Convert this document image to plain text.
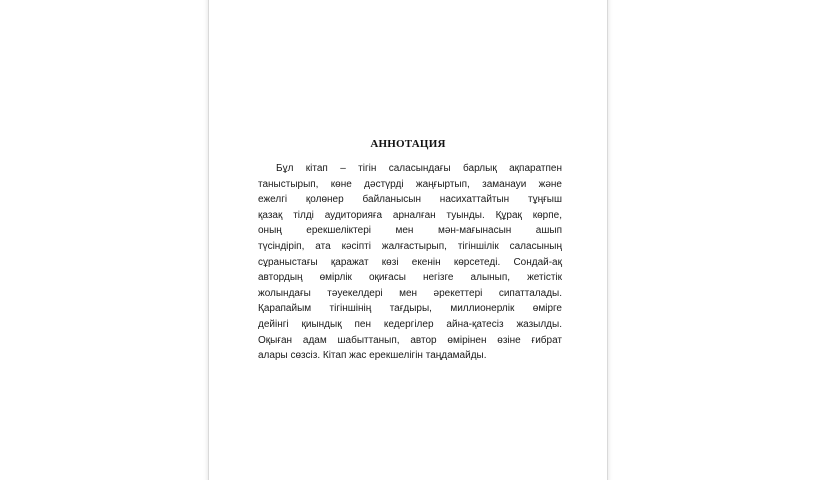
АННОТАЦИЯ
Бұл кітап – тігін саласындағы барлық ақпаратпен
таныстырып, көне дәстүрді жаңғыртып, заманауи және
ежелгі қолөнер байланысын насихаттайтын тұңғыш
қазақ тілді аудиторияға арналған туынды. Құрақ көрпе,
оның ерекшеліктері мен мән-мағынасын ашып
түсіндіріп, ата кәсіпті жалғастырып, тігіншілік саласының
сұраныстағы қаражат көзі екенін көрсетеді. Сондай-ақ
автордың өмірлік оқиғасы негізге алынып, жетістік
жолындағы тәуекелдері мен әрекеттері сипатталады.
Қарапайым тігіншінің тағдыры, миллионерлік өмірге
дейінгі қиындық пен кедергілер айна-қатесіз жазылды.
Оқыған адам шабыттанып, автор өмірінен өзіне ғибрат
алары сөзсіз. Кітап жас ерекшелігін таңдамайды.
